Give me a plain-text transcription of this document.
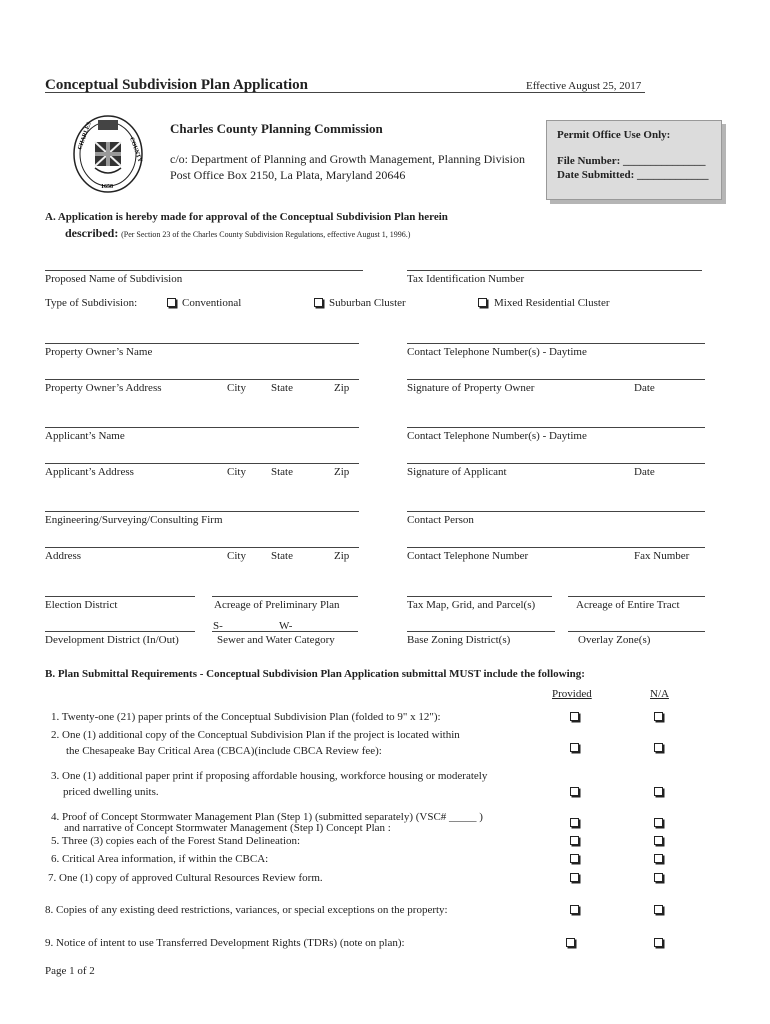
Conceptual Subdivision Plan Application	Effective August 25, 2017
CHARLES	COUNTY
1658
Charles County Planning Commission
c/o: Department of Planning and Growth Management, Planning Division
Post Office Box 2150, La Plata, Maryland 20646
Permit Office Use Only:
File Number: _______________
Date Submitted: _____________
A. Application is hereby made for approval of the Conceptual Subdivision Plan herein
described: (Per Section 23 of the Charles County Subdivision Regulations, effective August 1, 1996.)
Proposed Name of Subdivision	Tax Identification Number
Type of Subdivision:	Conventional	Suburban Cluster	Mixed Residential Cluster
Property Owner’s Name	Contact Telephone Number(s) - Daytime
Property Owner’s Address	City State	Zip	Signature of Property Owner	Date
Applicant’s Name	Contact Telephone Number(s) - Daytime
Applicant’s Address	City State	Zip	Signature of Applicant	Date
Engineering/Surveying/Consulting Firm	Contact Person
Address	City State	Zip	Contact Telephone Number	Fax Number
Election District	Acreage of Preliminary Plan	Tax Map, Grid, and Parcel(s)	Acreage of Entire Tract
S-	W-
Development District (In/Out)	Sewer and Water Category	Base Zoning District(s)	Overlay Zone(s)
B. Plan Submittal Requirements - Conceptual Subdivision Plan Application submittal MUST include the following:
Provided	N/A
1. Twenty-one (21) paper prints of the Conceptual Subdivision Plan (folded to 9" x 12"):
2. One (1) additional copy of the Conceptual Subdivision Plan if the project is located within
the Chesapeake Bay Critical Area (CBCA)(include CBCA Review fee):
3. One (1) additional paper print if proposing affordable housing, workforce housing or moderately
priced dwelling units.
4. Proof of Concept Stormwater Management Plan (Step 1) (submitted separately) (VSC# _____ )
and narrative of Concept Stormwater Management (Step I) Concept Plan :
5. Three (3) copies each of the Forest Stand Delineation:
6. Critical Area information, if within the CBCA:
7. One (1) copy of approved Cultural Resources Review form.
8. Copies of any existing deed restrictions, variances, or special exceptions on the property:
9. Notice of intent to use Transferred Development Rights (TDRs) (note on plan):
Page 1 of 2
